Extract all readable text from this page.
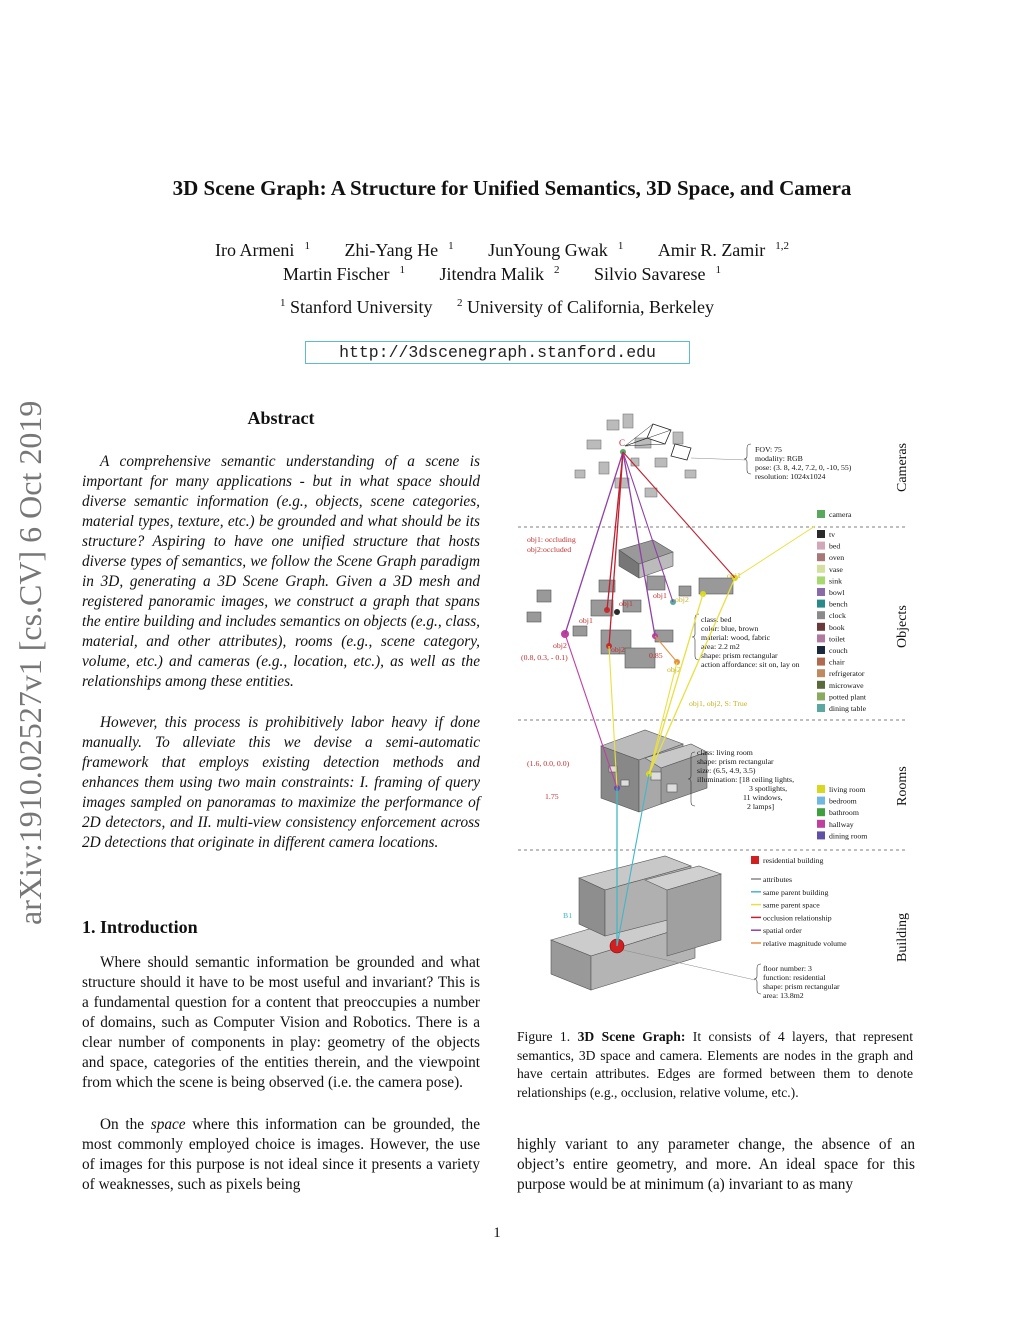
3D Scene Graph: A Structure for Unified Semantics, 3D Space, and Camera
Iro Armeni $^1$ Zhi-Yang He $^1$ JunYoung Gwak $^1$ Amir R. Zamir $^{1,2}$
Martin Fischer $^1$ Jitendra Malik $^2$ Silvio Savarese $^1$
$^1$ Stanford University $^2$ University of California, Berkeley
http://3dscenegraph.stanford.edu
arXiv:1910.02527v1 [cs.CV] 6 Oct 2019	Abstract
A comprehensive semantic understanding of a scene is important for many applications - but in what space should diverse semantic information (e.g., objects, scene categories, material types, texture, etc.) be grounded and what should be its structure? Aspiring to have one unified structure that hosts diverse types of semantics, we follow the Scene Graph paradigm in 3D, generating a 3D Scene Graph. Given a 3D mesh and registered panoramic images, we construct a graph that spans the entire building and includes semantics on objects (e.g., class, material, and other attributes), rooms (e.g., scene category, volume, etc.) and cameras (e.g., location, etc.), as well as the relationships among these entities.
However, this process is prohibitively labor heavy if done manually. To alleviate this we devise a semi-automatic framework that employs existing detection methods and enhances them using two main constraints: I. framing of query images sampled on panoramas to maximize the performance of 2D detectors, and II. multi-view consistency enforcement across 2D detections that originate in different camera locations.
1. Introduction
Where should semantic information be grounded and what structure should it have to be most useful and invariant? This is a fundamental question for a content that preoccupies a number of domains, such as Computer Vision and Robotics. There is a clear number of components in play: geometry of the objects and space, categories of the entities therein, and the viewpoint from which the scene is being observed (i.e. the camera pose).
On the space where this information can be grounded, the most commonly employed choice is images. However, the use of images for this purpose is not ideal since it presents a variety of weaknesses, such as pixels being
highly variant to any parameter change, the absence of an object’s entire geometry, and more. An ideal space for this purpose would be at minimum (a) invariant to as many
Cameras
Objects
Rooms
Building
C
FOV: 75
modality: RGB
pose: (3. 8, 4.2, 7.2, 0, -10, 55)
resolution: 1024x1024
camera
obj1: occluding
obj2:occluded
obj2
(0.8, 0.3, - 0.1)
obj1
obj1
obj2
0.85
obj1 obj2
obj1
obj2
class: bed
color: blue, brown
material: wood, fabric
area: 2.2 m2
shape: prism rectangular
action affordance: sit on, lay on
obj1, obj2, S: True
tv
bed
oven
vase
sink
bowl
bench
clock
book
toilet
couch
chair
refrigerator
microwave
potted plant
dining table
(1.6, 0.0, 0.0)
1.75
class: living room
shape: prism rectangular
size: (6.5, 4.9, 3.5)
illumination: [18 ceiling lights,
3 spotlights,
11 windows,
2 lamps]
living room
bedroom
bathroom
hallway
dining room
B1
floor number: 3
function: residential
shape: prism rectangular
area: 13.8m2
residential building
attributes
same parent building
same parent space
occlusion relationship
spatial order
relative magnitude volume
Figure 1. 3D Scene Graph: It consists of 4 layers, that represent semantics, 3D space and camera. Elements are nodes in the graph and have certain attributes. Edges are formed between them to denote relationships (e.g., occlusion, relative volume, etc.).
1
